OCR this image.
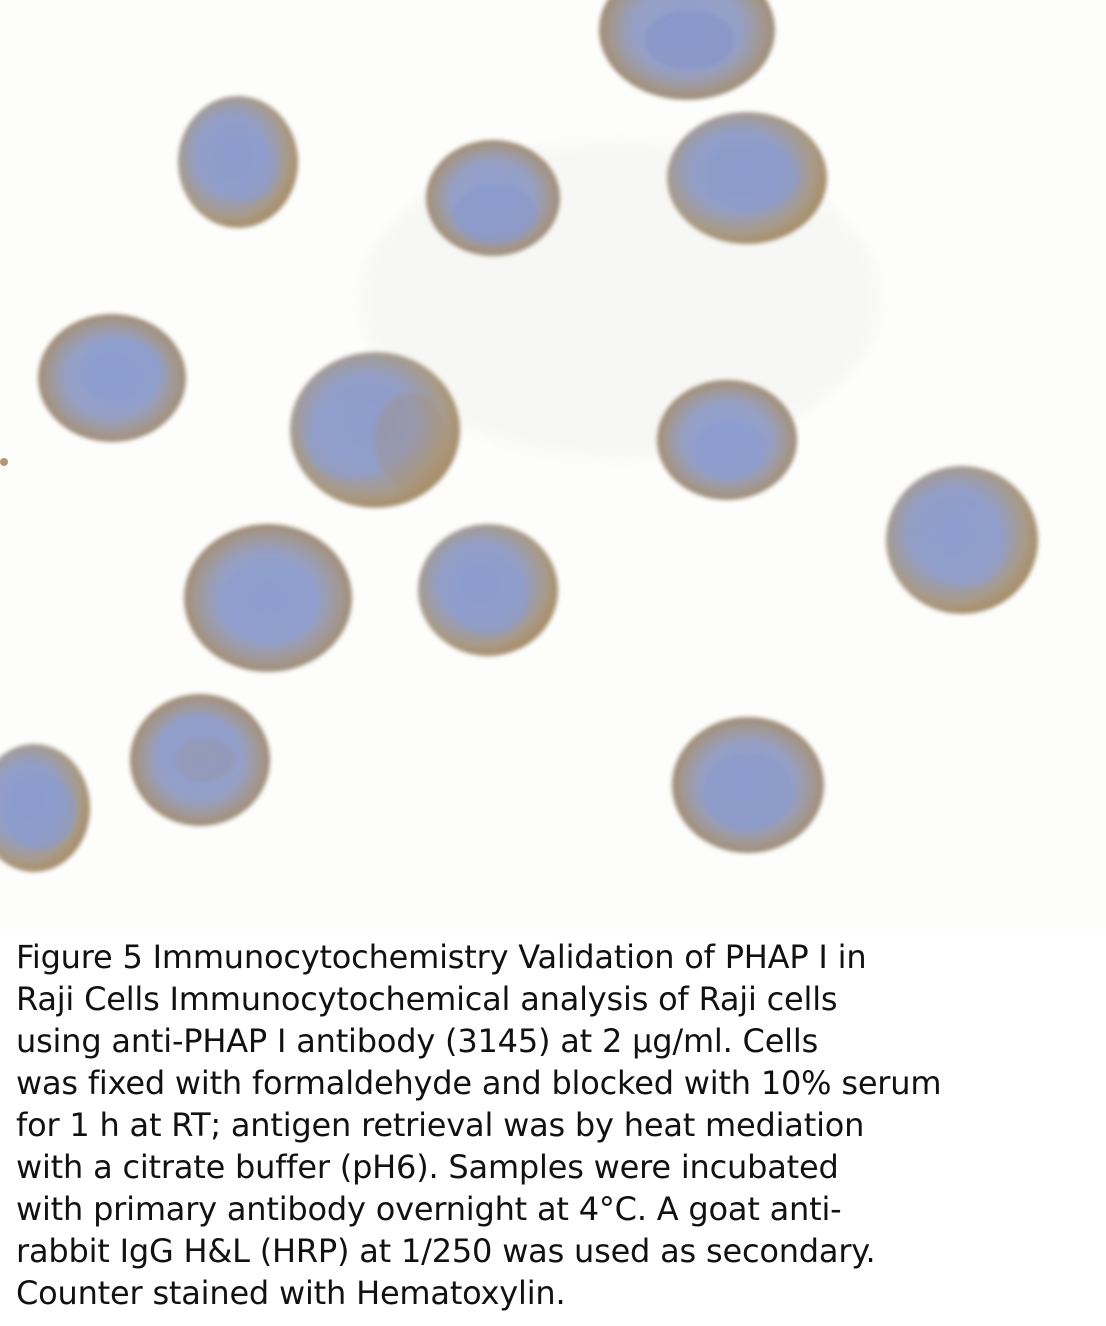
Figure 5 Immunocytochemistry Validation of PHAP I in
Raji Cells Immunocytochemical analysis of Raji cells
using anti-PHAP I antibody (3145) at 2 µg/ml. Cells
was fixed with formaldehyde and blocked with 10% serum
for 1 h at RT; antigen retrieval was by heat mediation
with a citrate buffer (pH6). Samples were incubated
with primary antibody overnight at 4°C. A goat anti-
rabbit IgG H&L (HRP) at 1/250 was used as secondary.
Counter stained with Hematoxylin.
